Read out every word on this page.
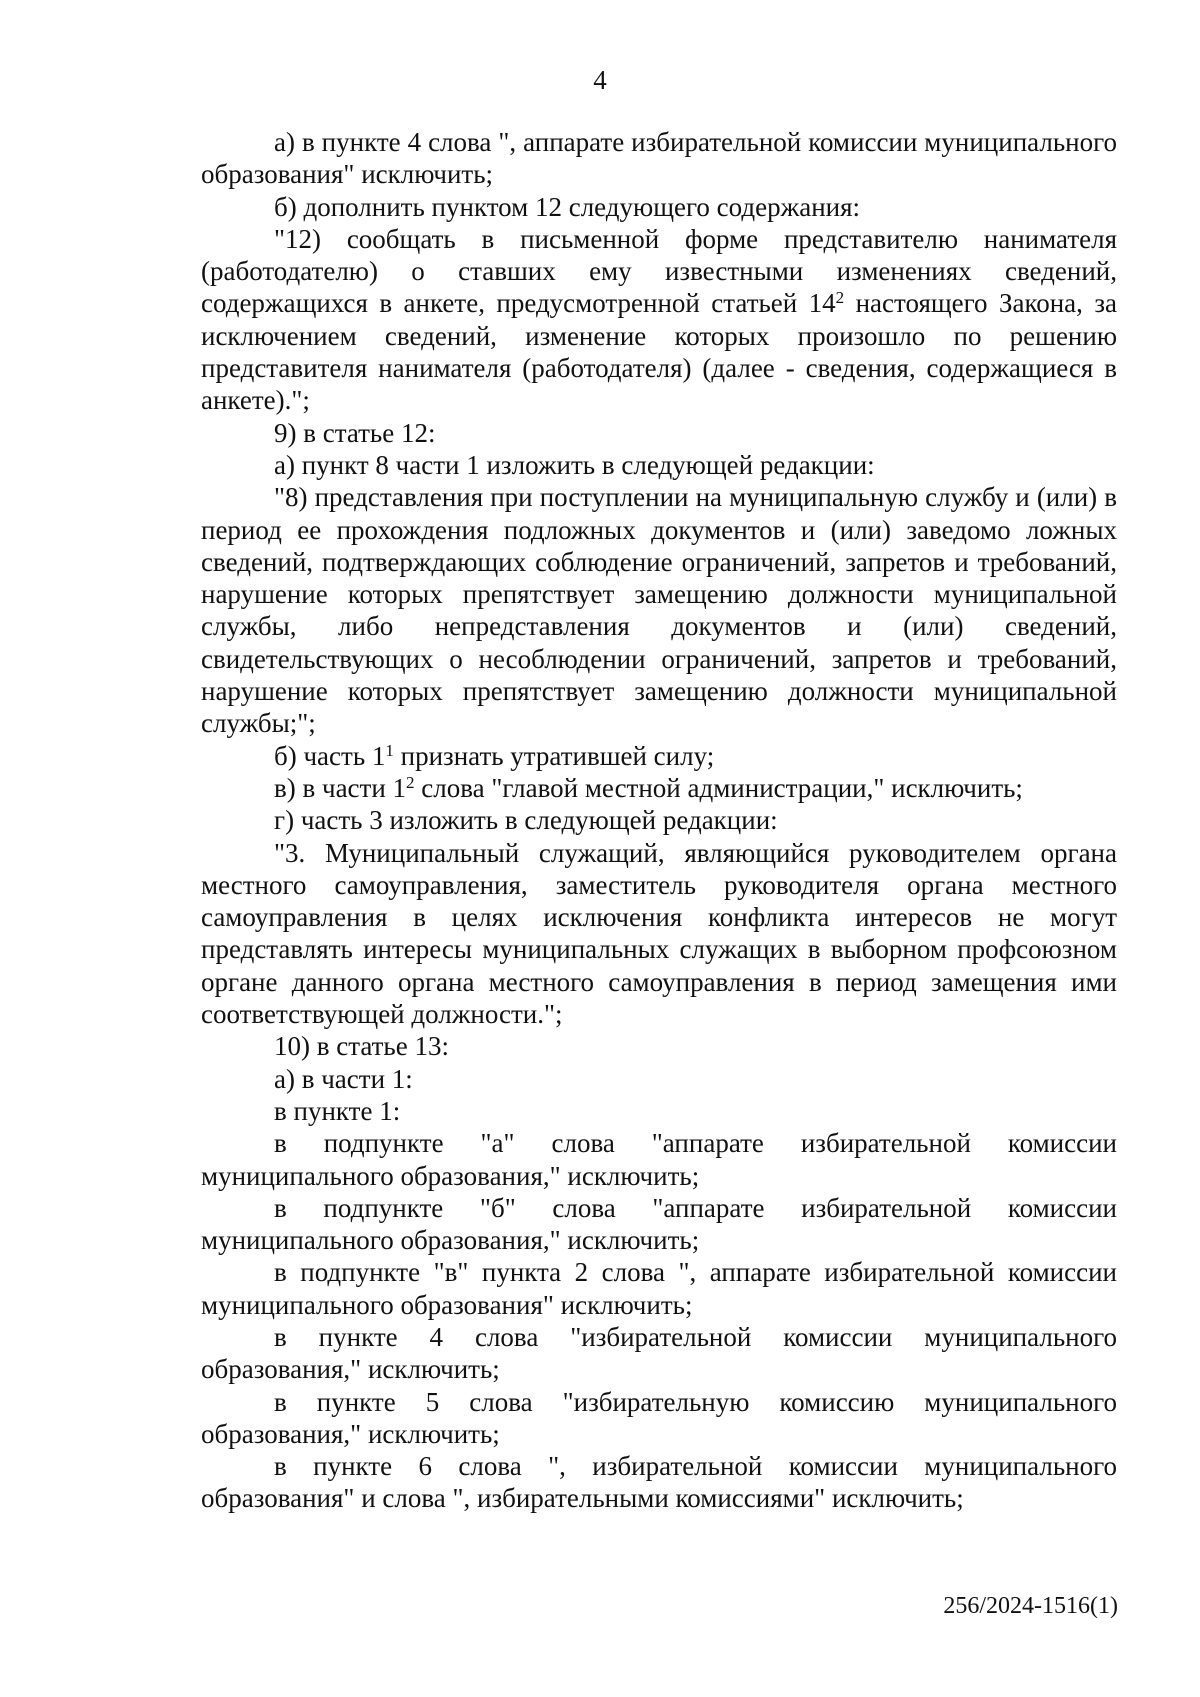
4

а) в пункте 4 слова ", аппарате избирательной комиссии муниципального образования" исключить;

б) дополнить пунктом 12 следующего содержания:

"12) сообщать в письменной форме представителю нанимателя (работодателю) о ставших ему известными изменениях сведений, содержащихся в анкете, предусмотренной статьей $14^2$ настоящего Закона, за исключением сведений, изменение которых произошло по решению представителя нанимателя (работодателя) (далее - сведения, содержащиеся в анкете).";

9) в статье 12:

а) пункт 8 части 1 изложить в следующей редакции:

"8) представления при поступлении на муниципальную службу и (или) в период ее прохождения подложных документов и (или) заведомо ложных сведений, подтверждающих соблюдение ограничений, запретов и требований, нарушение которых препятствует замещению должности муниципальной службы, либо непредставления документов и (или) сведений, свидетельствующих о несоблюдении ограничений, запретов и требований, нарушение которых препятствует замещению должности муниципальной службы;";

б) часть $1^1$ признать утратившей силу;

в) в части $1^2$ слова "главой местной администрации," исключить;

г) часть 3 изложить в следующей редакции:

"3. Муниципальный служащий, являющийся руководителем органа местного самоуправления, заместитель руководителя органа местного самоуправления в целях исключения конфликта интересов не могут представлять интересы муниципальных служащих в выборном профсоюзном органе данного органа местного самоуправления в период замещения ими соответствующей должности.";

10) в статье 13:

а) в части 1:

в пункте 1:

в подпункте "а" слова "аппарате избирательной комиссии муниципального образования," исключить;

в подпункте "б" слова "аппарате избирательной комиссии муниципального образования," исключить;

в подпункте "в" пункта 2 слова ", аппарате избирательной комиссии муниципального образования" исключить;

в пункте 4 слова "избирательной комиссии муниципального образования," исключить;

в пункте 5 слова "избирательную комиссию муниципального образования," исключить;

в пункте 6 слова ", избирательной комиссии муниципального образования" и слова ", избирательными комиссиями" исключить;

256/2024-1516(1)
